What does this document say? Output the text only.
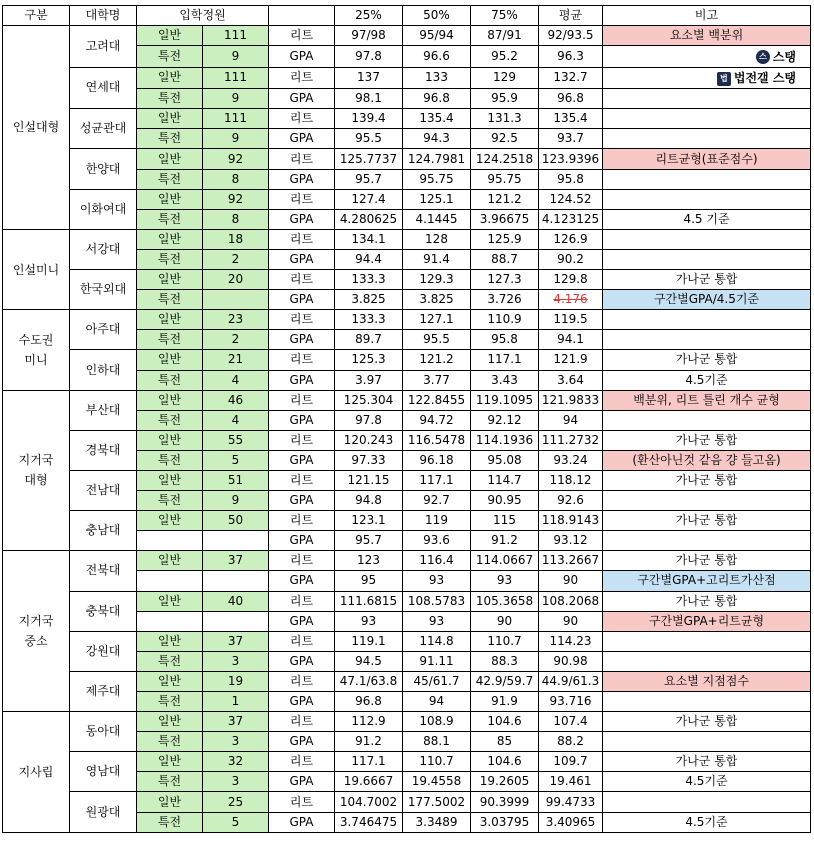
구분	대학명	입학정원			25%	50%	75%	평균	비고
인설대형	고려대	일반	111	리트	97/98	95/94	87/91	92/93.5	요소별 백분위
		특전	9	GPA	97.8	96.6	95.2	96.3	스 스탱

	연세대	일반	111	리트	137	133	129	132.7	법 법전갤 스탱

		특전	9	GPA	98.1	96.8	95.9	96.8	
	성균관대	일반	111	리트	139.4	135.4	131.3	135.4	
		특전	9	GPA	95.5	94.3	92.5	93.7	
	한양대	일반	92	리트	125.7737	124.7981	124.2518	123.9396	리트균형(표준점수)
		특전	8	GPA	95.7	95.75	95.75	95.8	
	이화여대	일반	92	리트	127.4	125.1	121.2	124.52	
		특전	8	GPA	4.280625	4.1445	3.96675	4.123125	4.5 기준
인설미니	서강대	일반	18	리트	134.1	128	125.9	126.9	
		특전	2	GPA	94.4	91.4	88.7	90.2	
	한국외대	일반	20	리트	133.3	129.3	127.3	129.8	가나군 통합
		특전		GPA	3.825	3.825	3.726	4.176	구간별GPA/4.5기준
수도권
미니	아주대	일반	23	리트	133.3	127.1	110.9	119.5	
		특전	2	GPA	89.7	95.5	95.8	94.1	
	인하대	일반	21	리트	125.3	121.2	117.1	121.9	가나군 통합
		특전	4	GPA	3.97	3.77	3.43	3.64	4.5기준
지거국
대형	부산대	일반	46	리트	125.304	122.8455	119.1095	121.9833	백분위, 리트 틀린 개수 균형
		특전	4	GPA	97.8	94.72	92.12	94	
	경북대	일반	55	리트	120.243	116.5478	114.1936	111.2732	가나군 통합
		특전	5	GPA	97.33	96.18	95.08	93.24	(환산아닌것 같음 걍 들고옴)
	전남대	일반	51	리트	121.15	117.1	114.7	118.12	가나군 통합
		특전	9	GPA	94.8	92.7	90.95	92.6	
	충남대	일반	50	리트	123.1	119	115	118.9143	가나군 통합
				GPA	95.7	93.6	91.2	93.12	
지거국
중소	전북대	일반	37	리트	123	116.4	114.0667	113.2667	가나군 통합
				GPA	95	93	93	90	구간별GPA+고리트가산점
	충북대	일반	40	리트	111.6815	108.5783	105.3658	108.2068	가나군 통합
				GPA	93	93	90	90	구간별GPA+리트균형
	강원대	일반	37	리트	119.1	114.8	110.7	114.23	
		특전	3	GPA	94.5	91.11	88.3	90.98	
	제주대	일반	19	리트	47.1/63.8	45/61.7	42.9/59.7	44.9/61.3	요소별 지점점수
		특전	1	GPA	96.8	94	91.9	93.716	
지사립	동아대	일반	37	리트	112.9	108.9	104.6	107.4	가나군 통합
		특전	3	GPA	91.2	88.1	85	88.2	
	영남대	일반	32	리트	117.1	110.7	104.6	109.7	가나군 통합
		특전	3	GPA	19.6667	19.4558	19.2605	19.461	4.5기준
	원광대	일반	25	리트	104.7002	177.5002	90.3999	99.4733	
		특전	5	GPA	3.746475	3.3489	3.03795	3.40965	4.5기준
